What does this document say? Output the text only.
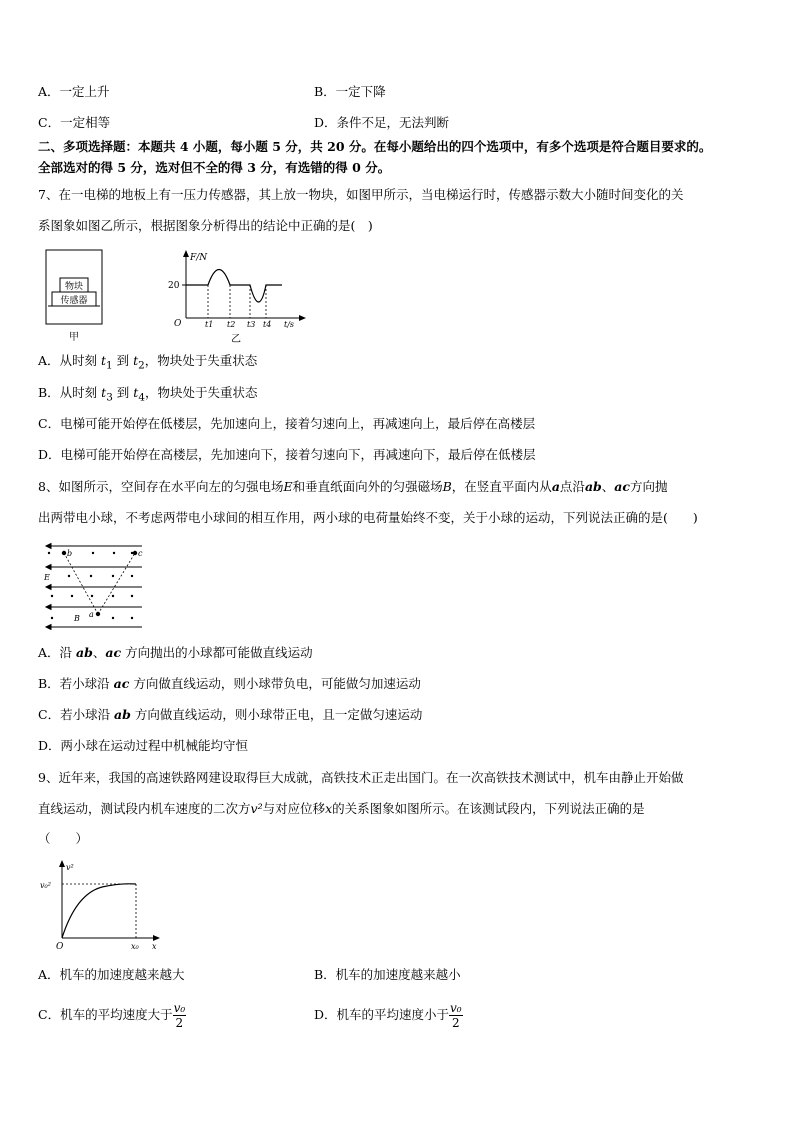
A．一定上升	B．一定下降
C．一定相等	D．条件不足，无法判断
二、多项选择题：本题共 4 小题，每小题 5 分，共 20 分。在每小题给出的四个选项中，有多个选项是符合题目要求的。
全部选对的得 5 分，选对但不全的得 3 分，有选错的得 0 分。
7、在一电梯的地板上有一压力传感器，其上放一物块，如图甲所示，当电梯运行时，传感器示数大小随时间变化的关
系图象如图乙所示，根据图象分析得出的结论中正确的是(　)
物块
传感器
甲
F/N
20
O	t1 t2 t3 t4 t/s
乙
A．从时刻 $t_1$ 到 $t_2$，物块处于失重状态
B．从时刻 $t_3$ 到 $t_4$，物块处于失重状态
C．电梯可能开始停在低楼层，先加速向上，接着匀速向上，再减速向上，最后停在高楼层
D．电梯可能开始停在高楼层，先加速向下，接着匀速向下，再减速向下，最后停在低楼层
8、如图所示，空间存在水平向左的匀强电场E和垂直纸面向外的匀强磁场B，在竖直平面内从a点沿ab、ac方向抛
出两带电小球，不考虑两带电小球间的相互作用，两小球的电荷量始终不变，关于小球的运动，下列说法正确的是(　　)
b	c
E
B a
A．沿 ab、ac 方向抛出的小球都可能做直线运动
B．若小球沿 ac 方向做直线运动，则小球带负电，可能做匀加速运动
C．若小球沿 ab 方向做直线运动，则小球带正电，且一定做匀速运动
D．两小球在运动过程中机械能均守恒
9、近年来，我国的高速铁路网建设取得巨大成就，高铁技术正走出国门。在一次高铁技术测试中，机车由静止开始做
直线运动，测试段内机车速度的二次方v²与对应位移x的关系图象如图所示。在该测试段内，下列说法正确的是
（　　）
v²
v₀²
O	x₀ x
A．机车的加速度越来越大	B．机车的加速度越来越小
C．机车的平均速度大于 $\frac{\text{v₀}}{2}$	D．机车的平均速度小于 $\frac{\text{v₀}}{2}$
